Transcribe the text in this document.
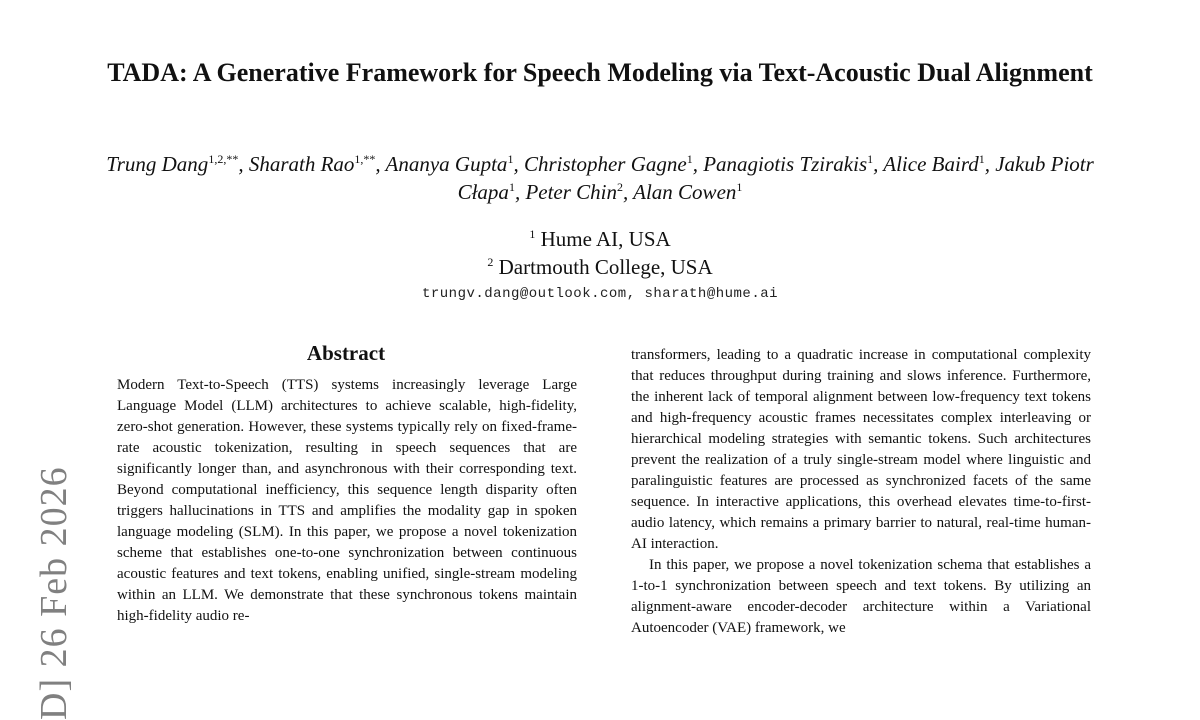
TADA: A Generative Framework for Speech Modeling via Text-Acoustic Dual Alignment

Trung Dang$^{1,2,**}$, Sharath Rao$^{1,**}$, Ananya Gupta$^1$, Christopher Gagne$^1$, Panagiotis Tzirakis$^1$, Alice Baird$^1$, Jakub Piotr Cłapa$^1$, Peter Chin$^2$, Alan Cowen$^1$

$^1$ Hume AI, USA
$^2$ Dartmouth College, USA
trungv.dang@outlook.com, sharath@hume.ai
Abstract

Modern Text-to-Speech (TTS) systems increasingly leverage Large Language Model (LLM) architectures to achieve scalable, high-fidelity, zero-shot generation. However, these systems typically rely on fixed-frame-rate acoustic tokenization, resulting in speech sequences that are significantly longer than, and asynchronous with their corresponding text. Beyond computational inefficiency, this sequence length disparity often triggers hallucinations in TTS and amplifies the modality gap in spoken language modeling (SLM). In this paper, we propose a novel tokenization scheme that establishes one-to-one synchronization between continuous acoustic features and text tokens, enabling unified, single-stream modeling within an LLM. We demonstrate that these synchronous tokens maintain high-fidelity audio re-

transformers, leading to a quadratic increase in computational complexity that reduces throughput during training and slows inference. Furthermore, the inherent lack of temporal alignment between low-frequency text tokens and high-frequency acoustic frames necessitates complex interleaving or hierarchical modeling strategies with semantic tokens. Such architectures prevent the realization of a truly single-stream model where linguistic and paralinguistic features are processed as synchronized facets of the same sequence. In interactive applications, this overhead elevates time-to-first-audio latency, which remains a primary barrier to natural, real-time human-AI interaction.

In this paper, we propose a novel tokenization schema that establishes a 1-to-1 synchronization between speech and text tokens. By utilizing an alignment-aware encoder-decoder architecture within a Variational Autoencoder (VAE) framework, we

D] 26 Feb 2026
